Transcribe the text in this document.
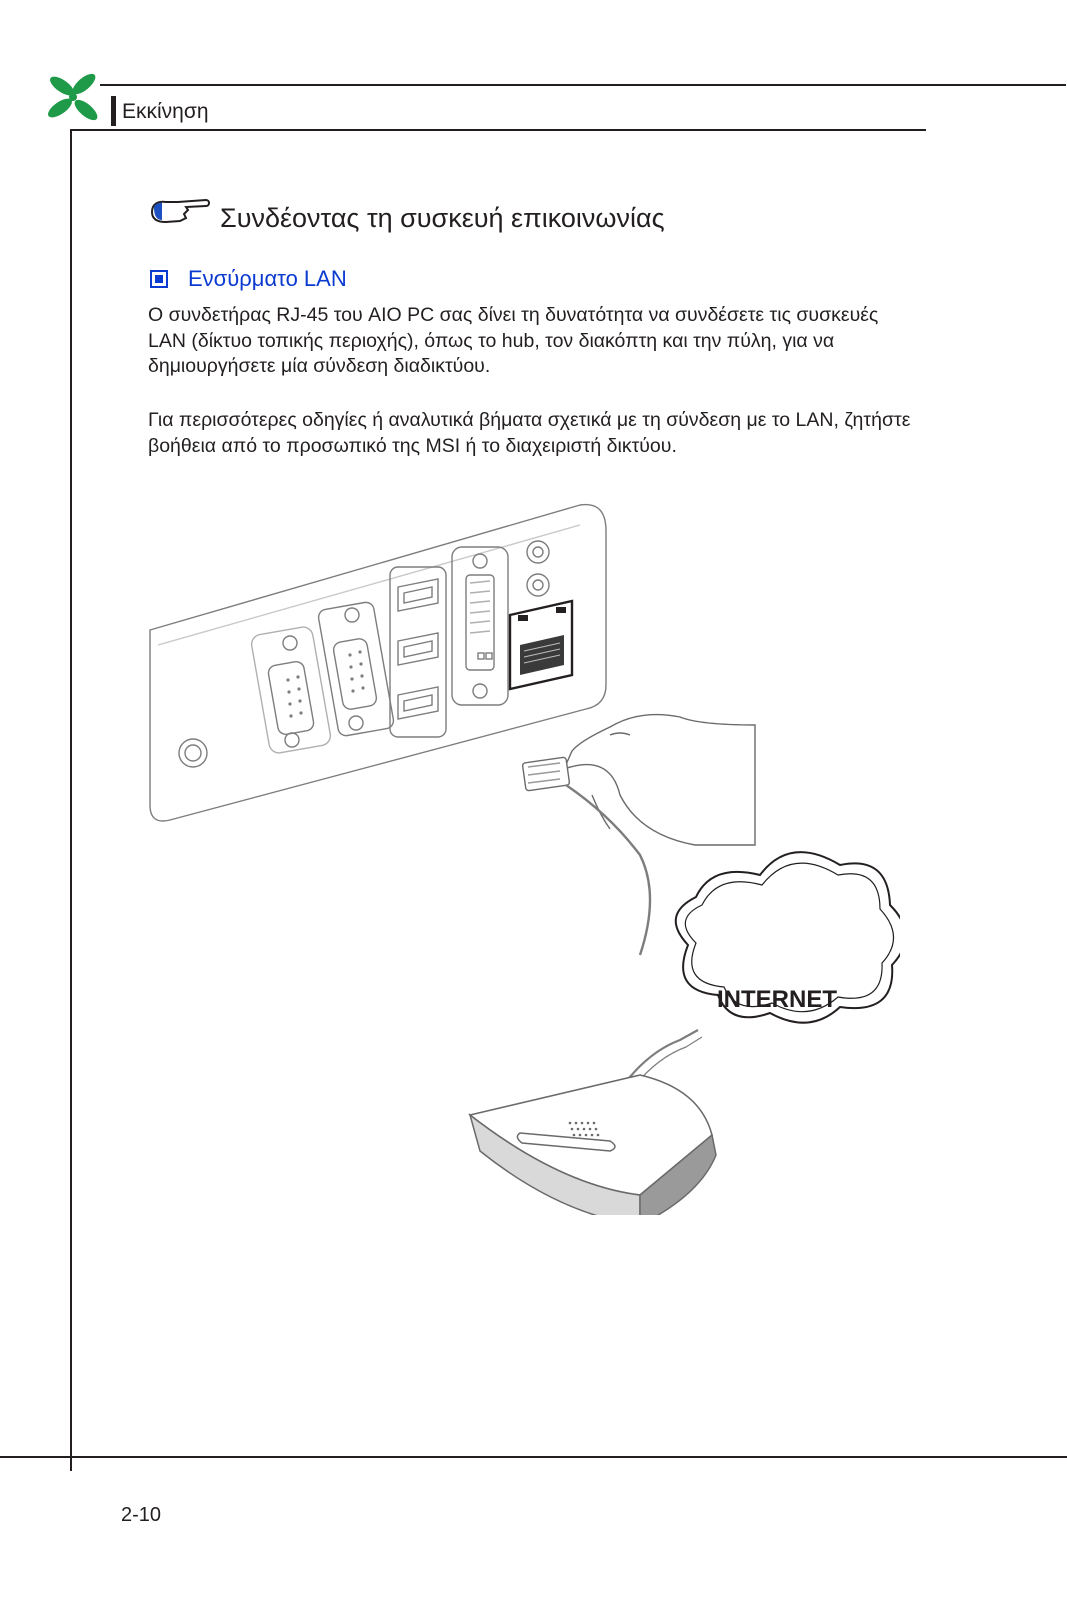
Εκκίνηση
Συνδέοντας τη συσκευή επικοινωνίας
Ενσύρματο LAN
Ο συνδετήρας RJ-45 του AIO PC σας δίνει τη δυνατότητα να συνδέσετε τις συσκευές LAN (δίκτυο τοπικής περιοχής), όπως το hub, τον διακόπτη και την πύλη, για να δημιουργήσετε μία σύνδεση διαδικτύου.
Για περισσότερες οδηγίες ή αναλυτικά βήματα σχετικά με τη σύνδεση με το LAN, ζητήστε βοήθεια από το προσωπικό της MSI ή το διαχειριστή δικτύου.
INTERNET
2-10
